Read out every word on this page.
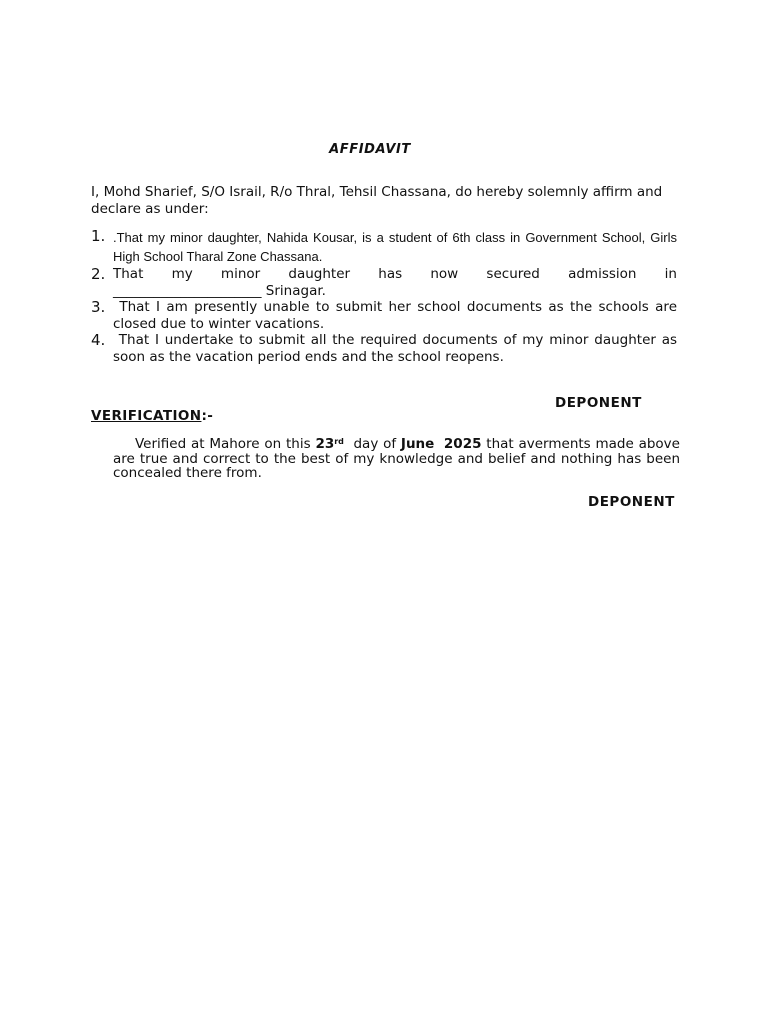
AFFIDAVIT
I, Mohd Sharief, S/O Israil, R/o Thral, Tehsil Chassana, do hereby solemnly affirm and declare as under:
1. .That my minor daughter, Nahida Kousar, is a student of 6th class in Government School, Girls High School Tharal Zone Chassana.
2. That my minor daughter has now secured admission in
______________________ Srinagar.
3. That I am presently unable to submit her school documents as the schools are closed due to winter vacations.
4. That I undertake to submit all the required documents of my minor daughter as soon as the vacation period ends and the school reopens.
DEPONENT
VERIFICATION:-
Verified at Mahore on this 23rd day of June 2025 that averments made above are true and correct to the best of my knowledge and belief and nothing has been concealed there from.
DEPONENT
